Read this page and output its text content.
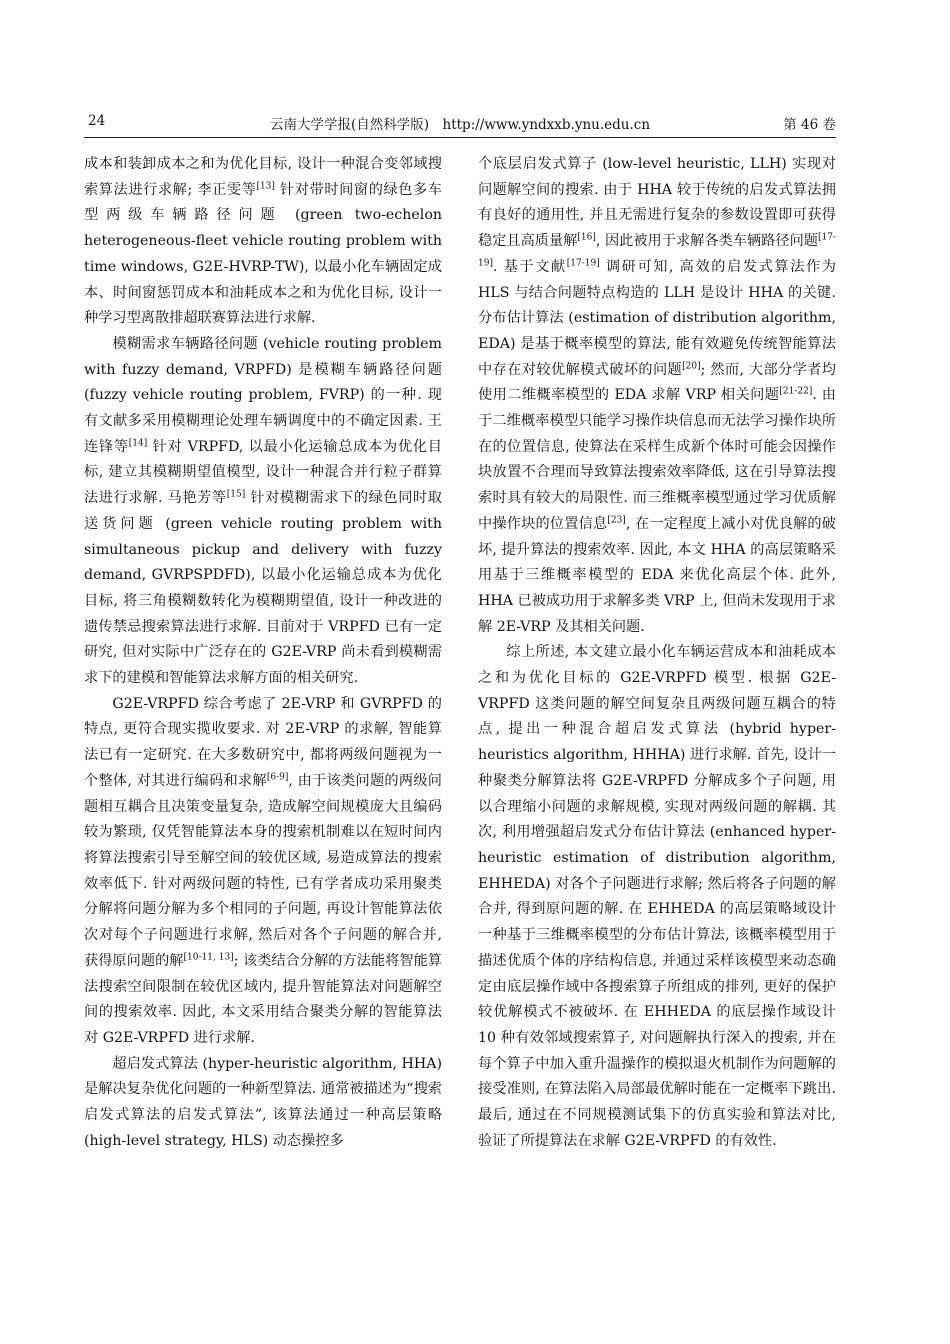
24	云南大学学报(自然科学版)　http://www.yndxxb.ynu.edu.cn	第 46 卷

成本和装卸成本之和为优化目标, 设计一种混合变邻域搜索算法进行求解; 李正雯等[13] 针对带时间窗的绿色多车型两级车辆路径问题 (green two-echelon heterogeneous-fleet vehicle routing problem with time windows, G2E-HVRP-TW), 以最小化车辆固定成本、时间窗惩罚成本和油耗成本之和为优化目标, 设计一种学习型离散排超联赛算法进行求解.

模糊需求车辆路径问题 (vehicle routing problem with fuzzy demand, VRPFD) 是模糊车辆路径问题 (fuzzy vehicle routing problem, FVRP) 的一种. 现有文献多采用模糊理论处理车辆调度中的不确定因素. 王连锋等[14] 针对 VRPFD, 以最小化运输总成本为优化目标, 建立其模糊期望值模型, 设计一种混合并行粒子群算法进行求解. 马艳芳等[15] 针对模糊需求下的绿色同时取送货问题 (green vehicle routing problem with simultaneous pickup and delivery with fuzzy demand, GVRPSPDFD), 以最小化运输总成本为优化目标, 将三角模糊数转化为模糊期望值, 设计一种改进的遗传禁忌搜索算法进行求解. 目前对于 VRPFD 已有一定研究, 但对实际中广泛存在的 G2E-VRP 尚未看到模糊需求下的建模和智能算法求解方面的相关研究.

G2E-VRPFD 综合考虑了 2E-VRP 和 GVRPFD 的特点, 更符合现实揽收要求. 对 2E-VRP 的求解, 智能算法已有一定研究. 在大多数研究中, 都将两级问题视为一个整体, 对其进行编码和求解[6-9], 由于该类问题的两级问题相互耦合且决策变量复杂, 造成解空间规模庞大且编码较为繁琐, 仅凭智能算法本身的搜索机制难以在短时间内将算法搜索引导至解空间的较优区域, 易造成算法的搜索效率低下. 针对两级问题的特性, 已有学者成功采用聚类分解将问题分解为多个相同的子问题, 再设计智能算法依次对每个子问题进行求解, 然后对各个子问题的解合并, 获得原问题的解[10-11, 13]; 该类结合分解的方法能将智能算法搜索空间限制在较优区域内, 提升智能算法对问题解空间的搜索效率. 因此, 本文采用结合聚类分解的智能算法对 G2E-VRPFD 进行求解.

超启发式算法 (hyper-heuristic algorithm, HHA) 是解决复杂优化问题的一种新型算法. 通常被描述为“搜索启发式算法的启发式算法”, 该算法通过一种高层策略 (high-level strategy, HLS) 动态操控多

个底层启发式算子 (low-level heuristic, LLH) 实现对问题解空间的搜索. 由于 HHA 较于传统的启发式算法拥有良好的通用性, 并且无需进行复杂的参数设置即可获得稳定且高质量解[16], 因此被用于求解各类车辆路径问题[17-19]. 基于文献[17-19] 调研可知, 高效的启发式算法作为 HLS 与结合问题特点构造的 LLH 是设计 HHA 的关键. 分布估计算法 (estimation of distribution algorithm, EDA) 是基于概率模型的算法, 能有效避免传统智能算法中存在对较优解模式破坏的问题[20]; 然而, 大部分学者均使用二维概率模型的 EDA 求解 VRP 相关问题[21-22]. 由于二维概率模型只能学习操作块信息而无法学习操作块所在的位置信息, 使算法在采样生成新个体时可能会因操作块放置不合理而导致算法搜索效率降低, 这在引导算法搜索时具有较大的局限性. 而三维概率模型通过学习优质解中操作块的位置信息[23], 在一定程度上减小对优良解的破坏, 提升算法的搜索效率. 因此, 本文 HHA 的高层策略采用基于三维概率模型的 EDA 来优化高层个体. 此外, HHA 已被成功用于求解多类 VRP 上, 但尚未发现用于求解 2E-VRP 及其相关问题.

综上所述, 本文建立最小化车辆运营成本和油耗成本之和为优化目标的 G2E-VRPFD 模型. 根据 G2E-VRPFD 这类问题的解空间复杂且两级问题互耦合的特点, 提出一种混合超启发式算法 (hybrid hyper-heuristics algorithm, HHHA) 进行求解. 首先, 设计一种聚类分解算法将 G2E-VRPFD 分解成多个子问题, 用以合理缩小问题的求解规模, 实现对两级问题的解耦. 其次, 利用增强超启发式分布估计算法 (enhanced hyper-heuristic estimation of distribution algorithm, EHHEDA) 对各个子问题进行求解; 然后将各子问题的解合并, 得到原问题的解. 在 EHHEDA 的高层策略域设计一种基于三维概率模型的分布估计算法, 该概率模型用于描述优质个体的序结构信息, 并通过采样该模型来动态确定由底层操作域中各搜索算子所组成的排列, 更好的保护较优解模式不被破坏. 在 EHHEDA 的底层操作域设计 10 种有效邻域搜索算子, 对问题解执行深入的搜索, 并在每个算子中加入重升温操作的模拟退火机制作为问题解的接受准则, 在算法陷入局部最优解时能在一定概率下跳出. 最后, 通过在不同规模测试集下的仿真实验和算法对比, 验证了所提算法在求解 G2E-VRPFD 的有效性.
